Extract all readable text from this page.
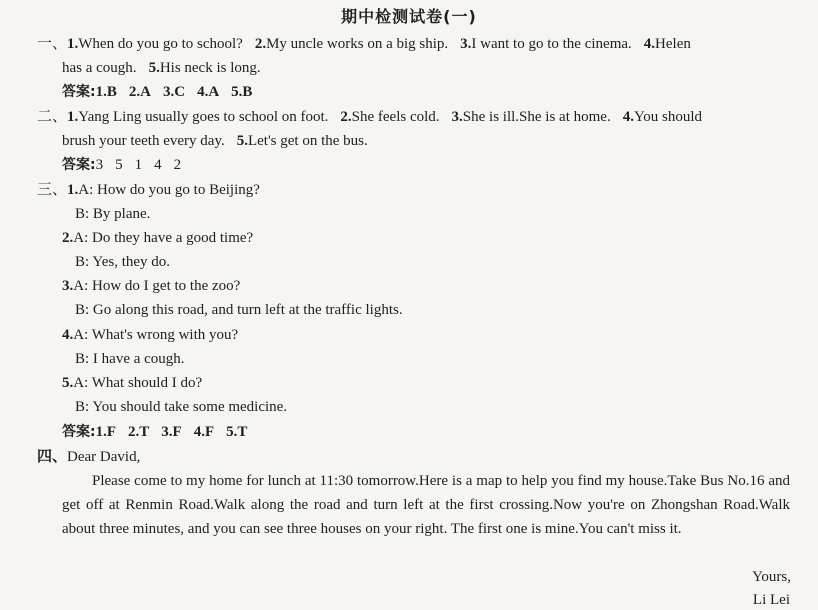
期中检测试卷(一)
一、1.When do you go to school? 2.My uncle works on a big ship. 3.I want to go to the cinema. 4.Helen
has a cough. 5.His neck is long.
答案:1.B 2.A 3.C 4.A 5.B
二、1.Yang Ling usually goes to school on foot. 2.She feels cold. 3.She is ill.She is at home. 4.You should
brush your teeth every day. 5.Let's get on the bus.
答案:3 5 1 4 2
三、1.A: How do you go to Beijing?
B: By plane.
2.A: Do they have a good time?
B: Yes, they do.
3.A: How do I get to the zoo?
B: Go along this road, and turn left at the traffic lights.
4.A: What's wrong with you?
B: I have a cough.
5.A: What should I do?
B: You should take some medicine.
答案:1.F 2.T 3.F 4.F 5.T
四、Dear David,
Please come to my home for lunch at 11:30 tomorrow.Here is a map to help you find my house.Take Bus No.16 and get off at Renmin Road.Walk along the road and turn left at the first crossing.Now you're on Zhongshan Road.Walk about three minutes, and you can see three houses on your right. The first one is mine.You can't miss it.
Yours,
Li Lei
